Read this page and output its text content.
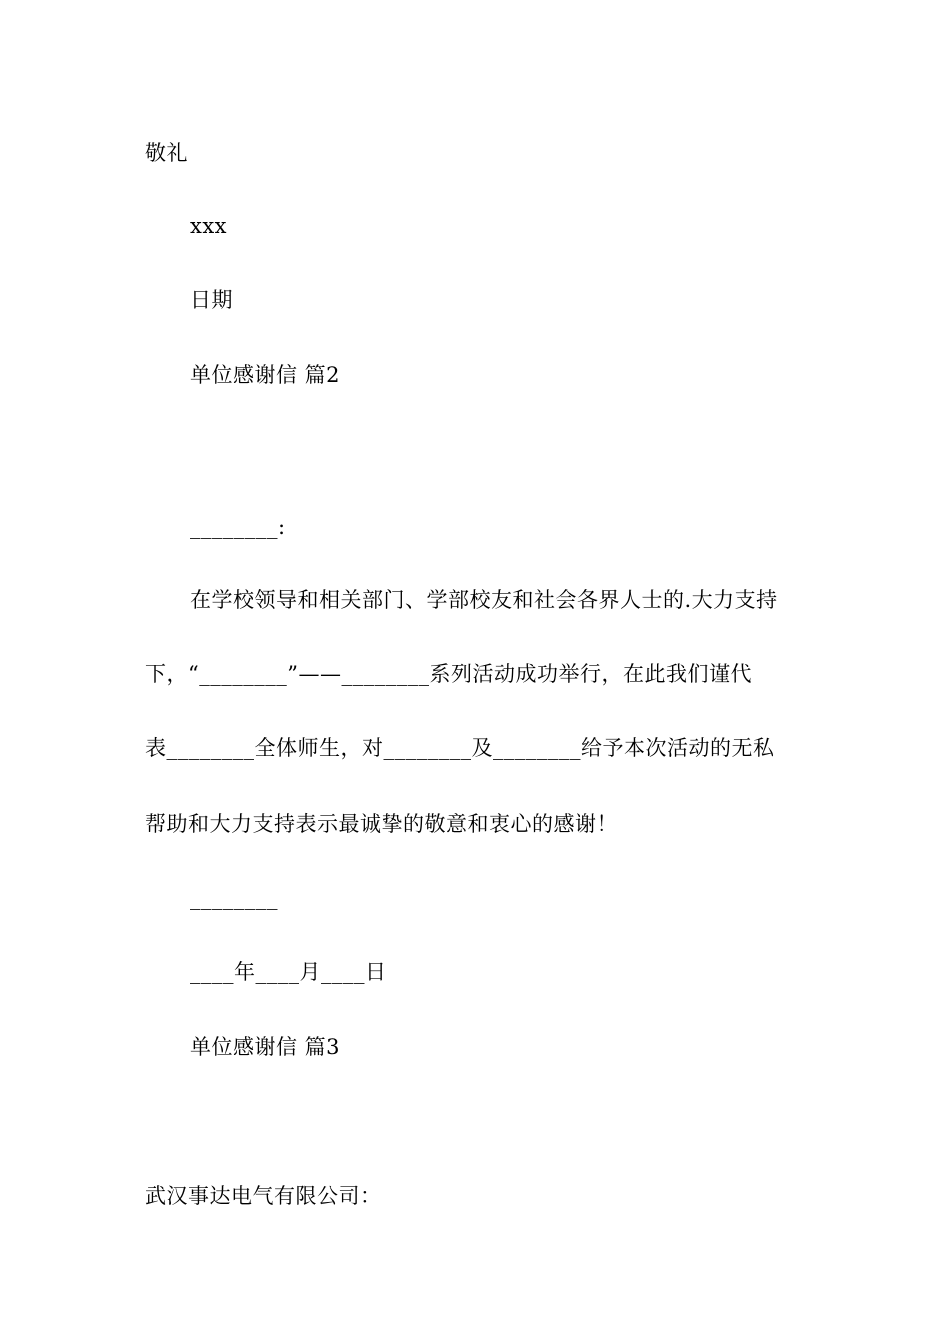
敬礼
xxx
日期
单位感谢信 篇2
________:
在学校领导和相关部门、学部校友和社会各界人士的.大力支持
下，“________”——________系列活动成功举行，在此我们谨代
表________全体师生，对________及________给予本次活动的无私
帮助和大力支持表示最诚挚的敬意和衷心的感谢！
________
____年____月____日
单位感谢信 篇3
武汉事达电气有限公司：
